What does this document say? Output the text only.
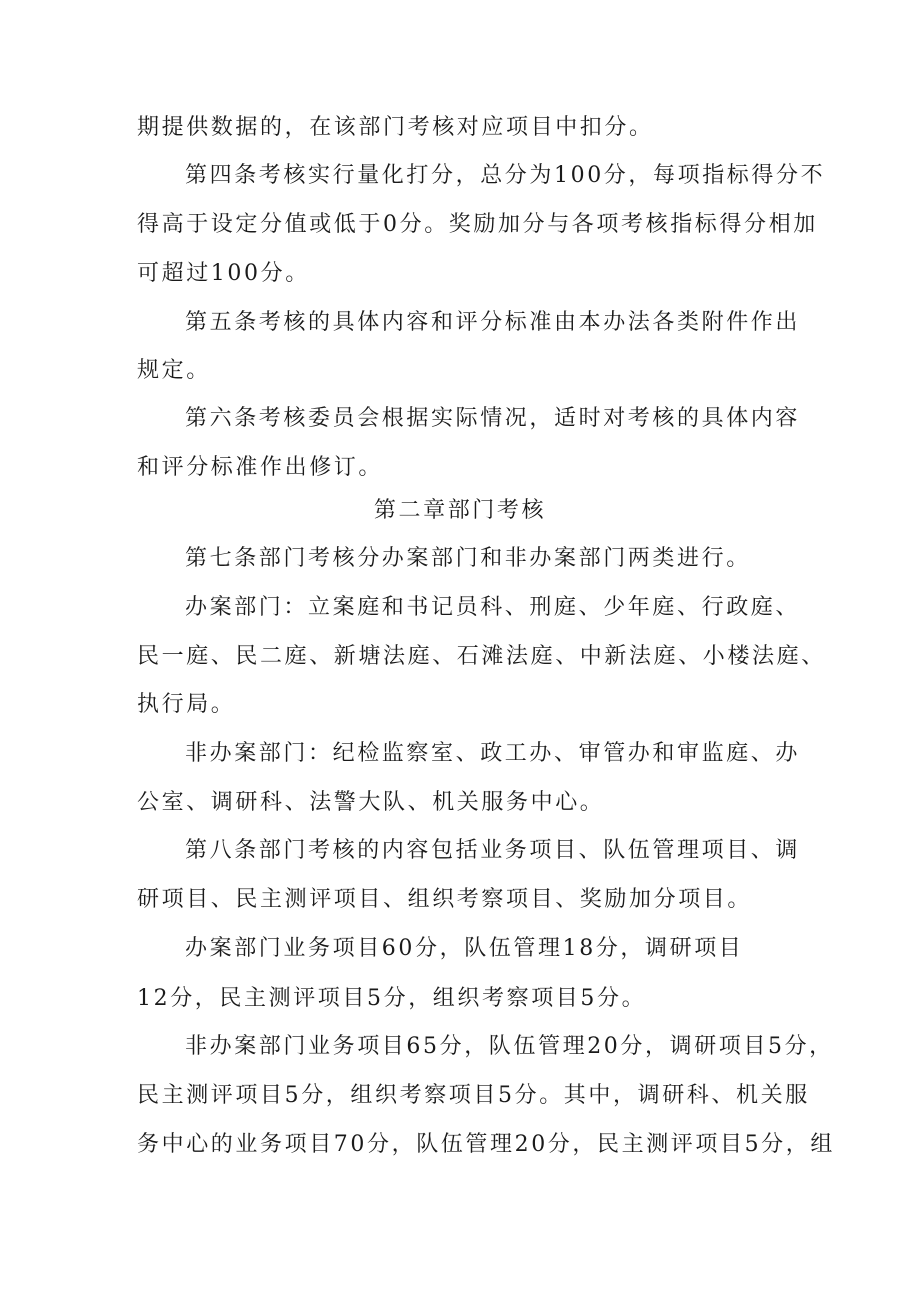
期提供数据的，在该部门考核对应项目中扣分。
第四条考核实行量化打分，总分为100分，每项指标得分不
得高于设定分值或低于0分。奖励加分与各项考核指标得分相加
可超过100分。
第五条考核的具体内容和评分标准由本办法各类附件作出
规定。
第六条考核委员会根据实际情况，适时对考核的具体内容
和评分标准作出修订。
第二章部门考核
第七条部门考核分办案部门和非办案部门两类进行。
办案部门：立案庭和书记员科、刑庭、少年庭、行政庭、
民一庭、民二庭、新塘法庭、石滩法庭、中新法庭、小楼法庭、
执行局。
非办案部门：纪检监察室、政工办、审管办和审监庭、办
公室、调研科、法警大队、机关服务中心。
第八条部门考核的内容包括业务项目、队伍管理项目、调
研项目、民主测评项目、组织考察项目、奖励加分项目。
办案部门业务项目60分，队伍管理18分，调研项目
12分，民主测评项目5分，组织考察项目5分。
非办案部门业务项目65分，队伍管理20分，调研项目5分，
民主测评项目5分，组织考察项目5分。其中，调研科、机关服
务中心的业务项目70分，队伍管理20分，民主测评项目5分，组
